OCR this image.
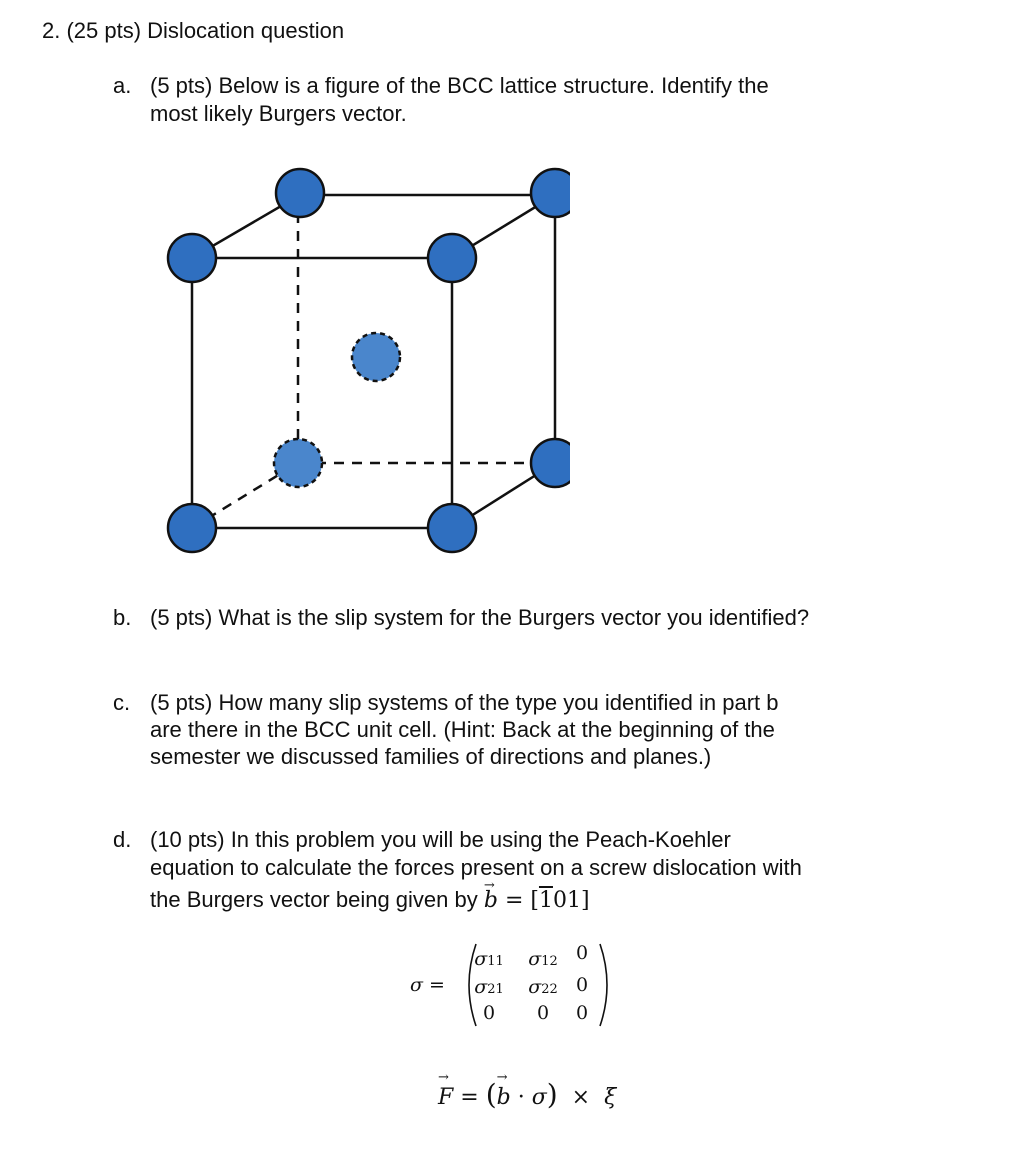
2. (25 pts) Dislocation question
a. (5 pts) Below is a figure of the BCC lattice structure. Identify the
most likely Burgers vector.
b. (5 pts) What is the slip system for the Burgers vector you identified?
c. (5 pts) How many slip systems of the type you identified in part b
are there in the BCC unit cell. (Hint: Back at the beginning of the
semester we discussed families of directions and planes.)
d. (10 pts) In this problem you will be using the Peach-Koehler
equation to calculate the forces present on a screw dislocation with
the Burgers vector being given by b → = [101]
σ =
σ11	σ12 0
σ21	σ22 0
0	0	0
F → = (b → · σ)  ×  ξ
